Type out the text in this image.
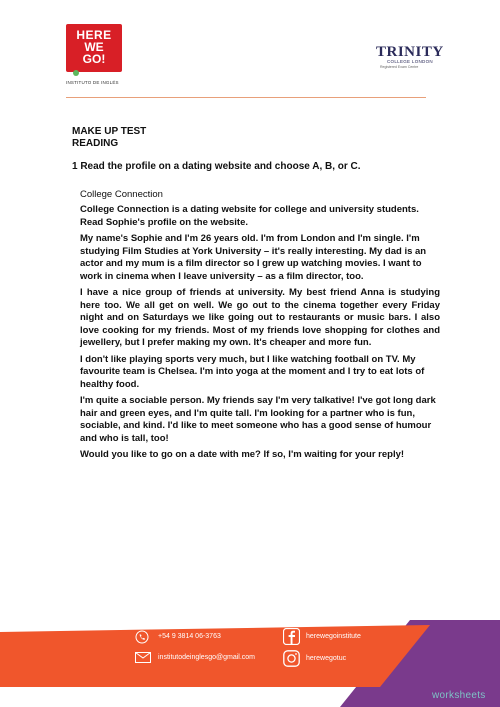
HERE
WE
GO!
INSTITUTO DE INGLÉS
TRINITY
COLLEGE LONDON
Registered Exam Centre
MAKE UP TEST
READING
1 Read the profile on a dating website and choose A, B, or C.
College Connection

College Connection is a dating website for college and university students. Read Sophie's profile on the website.

My name's Sophie and I'm 26 years old. I'm from London and I'm single. I'm studying Film Studies at York University – it's really interesting. My dad is an actor and my mum is a film director so I grew up watching movies. I want to work in cinema when I leave university – as a film director, too.

I have a nice group of friends at university. My best friend Anna is studying here too. We all get on well. We go out to the cinema together every Friday night and on Saturdays we like going out to restaurants or music bars. I also love cooking for my friends. Most of my friends love shopping for clothes and jewellery, but I prefer making my own. It's cheaper and more fun.

I don't like playing sports very much, but I like watching football on TV. My favourite team is Chelsea. I'm into yoga at the moment and I try to eat lots of healthy food.

I'm quite a sociable person. My friends say I'm very talkative! I've got long dark hair and green eyes, and I'm quite tall. I'm looking for a partner who is fun, sociable, and kind. I'd like to meet someone who has a good sense of humour and who is tall, too!

Would you like to go on a date with me? If so, I'm waiting for your reply!

+54 9 3814 06-3763
institutodeinglesgo@gmail.com
herewegoinstitute
herewegotuc
worksheets
